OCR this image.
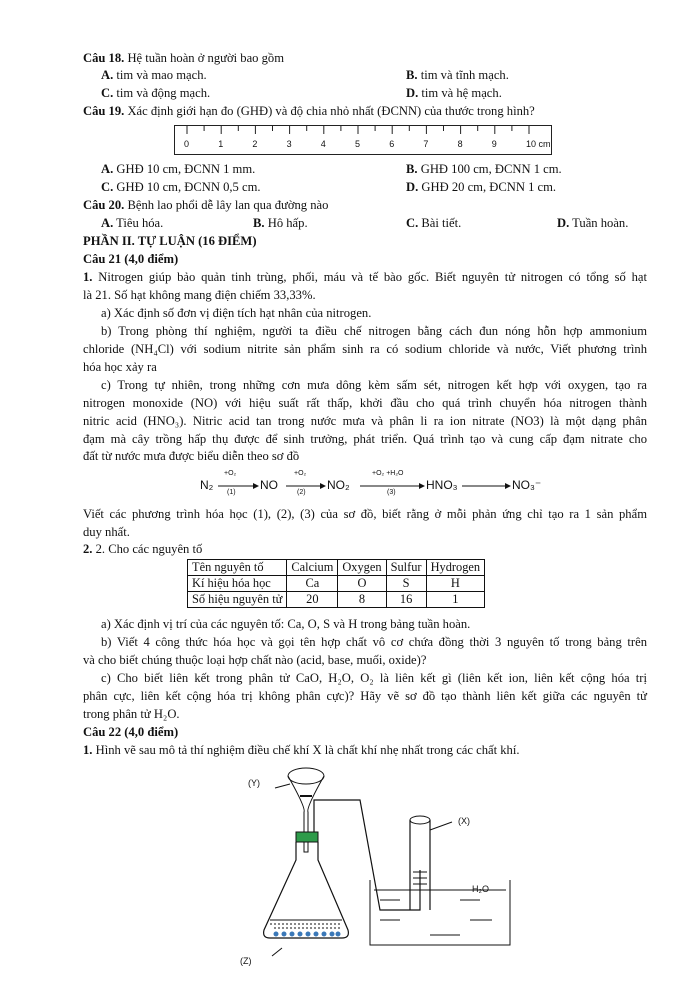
Câu 18. Hệ tuần hoàn ở người bao gồm
A. tim và mao mạch.	B. tim và tĩnh mạch.
C. tim và động mạch.	D. tim và hệ mạch.
Câu 19. Xác định giới hạn đo (GHĐ) và độ chia nhỏ nhất (ĐCNN) của thước trong hình?
0	1	2	3	4	5	6	7	8	9	10 cm
A. GHĐ 10 cm, ĐCNN 1 mm.	B. GHĐ 100 cm, ĐCNN 1 cm.
C. GHĐ 10 cm, ĐCNN 0,5 cm.	D. GHĐ 20 cm, ĐCNN 1 cm.
Câu 20. Bệnh lao phổi dễ lây lan qua đường nào
A. Tiêu hóa.	B. Hô hấp.	C. Bài tiết.	D. Tuần hoàn.
PHẦN II. TỰ LUẬN (16 ĐIỂM)
Câu 21 (4,0 điểm)
1. Nitrogen giúp bảo quản tinh trùng, phối, máu và tế bào gốc. Biết nguyên tử nitrogen có tổng số hạt
là 21. Số hạt không mang điện chiếm 33,33%.
a) Xác định số đơn vị điện tích hạt nhân của nitrogen.
b) Trong phòng thí nghiệm, người ta điều chế nitrogen bằng cách đun nóng hỗn hợp ammonium
chloride (NH₄Cl) với sodium nitrite sản phẩm sinh ra có sodium chloride và nước, Viết phương trình
hóa học xảy ra
c) Trong tự nhiên, trong những cơn mưa dông kèm sấm sét, nitrogen kết hợp với oxygen, tạo ra
nitrogen monoxide (NO) với hiệu suất rất thấp, khởi đầu cho quá trình chuyển hóa nitrogen thành
nitric acid (HNO₃). Nitric acid tan trong nước mưa và phân li ra ion nitrate (NO3) là một dạng phân
đạm mà cây trồng hấp thụ được để sinh trưởng, phát triển. Quá trình tạo và cung cấp đạm nitrate cho
đất từ nước mưa được biểu diễn theo sơ đồ
N₂
+O₂
(1)
NO
+O₂
(2)
NO₂
+O₂ +H₂O
(3)
HNO₃	NO₃⁻
Viết các phương trình hóa học (1), (2), (3) của sơ đồ, biết rằng ở mỗi phản ứng chỉ tạo ra 1 sản phẩm
duy nhất.
2. 2. Cho các nguyên tố
Tên nguyên tố	Calcium	Oxygen	Sulfur	Hydrogen
Kí hiệu hóa học	Ca	O	S	H
Số hiệu nguyên tử	20	8	16	1
a) Xác định vị trí của các nguyên tố: Ca, O, S và H trong bảng tuần hoàn.
b) Viết 4 công thức hóa học và gọi tên hợp chất vô cơ chứa đồng thời 3 nguyên tố trong bảng trên
và cho biết chúng thuộc loại hợp chất nào (acid, base, muối, oxide)?
c) Cho biết liên kết trong phân tử CaO, H₂O, O₂ là liên kết gì (liên kết ion, liên kết cộng hóa trị
phân cực, liên kết cộng hóa trị không phân cực)? Hãy vẽ sơ đồ tạo thành liên kết giữa các nguyên tử
trong phân tử H₂O.
Câu 22 (4,0 điểm)
1. Hình vẽ sau mô tả thí nghiệm điều chế khí X là chất khí nhẹ nhất trong các chất khí.
(Y)
(X)
(Z)
H₂O
